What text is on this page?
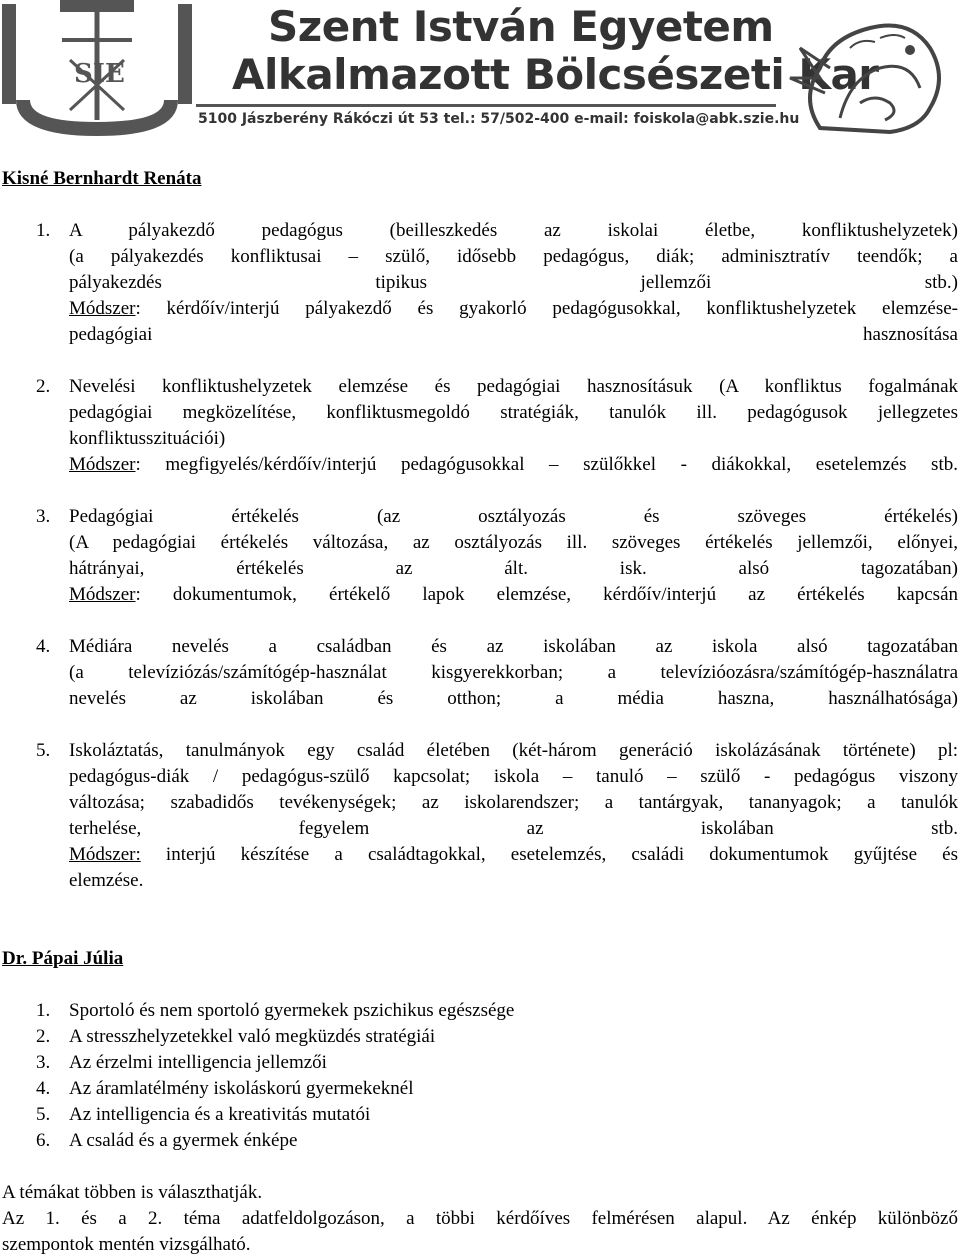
SIE
Szent István Egyetem
Alkalmazott Bölcsészeti Kar
5100 Jászberény Rákóczi út 53 tel.: 57/502-400 e-mail: foiskola@abk.szie.hu

Kisné Bernhardt Renáta

1. A pályakezdő pedagógus (beilleszkedés az iskolai életbe, konfliktushelyzetek)
(a pályakezdés konfliktusai – szülő, idősebb pedagógus, diák; adminisztratív teendők; a
pályakezdés tipikus jellemzői stb.)
Módszer: kérdőív/interjú pályakezdő és gyakorló pedagógusokkal, konfliktushelyzetek elemzése-
pedagógiai hasznosítása
2. Nevelési konfliktushelyzetek elemzése és pedagógiai hasznosításuk (A konfliktus fogalmának
pedagógiai megközelítése, konfliktusmegoldó stratégiák, tanulók ill. pedagógusok jellegzetes
konfliktusszituációi)
Módszer: megfigyelés/kérdőív/interjú pedagógusokkal – szülőkkel - diákokkal, esetelemzés stb.
3. Pedagógiai értékelés (az osztályozás és szöveges értékelés)
(A pedagógiai értékelés változása, az osztályozás ill. szöveges értékelés jellemzői, előnyei,
hátrányai, értékelés az ált. isk. alsó tagozatában)
Módszer: dokumentumok, értékelő lapok elemzése, kérdőív/interjú az értékelés kapcsán
4. Médiára nevelés a családban és az iskolában az iskola alsó tagozatában
(a televíziózás/számítógép-használat kisgyerekkorban; a televízióozásra/számítógép-használatra
nevelés az iskolában és otthon; a média haszna, használhatósága)
5. Iskoláztatás, tanulmányok egy család életében (két-három generáció iskolázásának története) pl:
pedagógus-diák / pedagógus-szülő kapcsolat; iskola – tanuló – szülő - pedagógus viszony
változása; szabadidős tevékenységek; az iskolarendszer; a tantárgyak, tananyagok; a tanulók
terhelése, fegyelem az iskolában stb.
Módszer: interjú készítése a családtagokkal, esetelemzés, családi dokumentumok gyűjtése és
elemzése.

Dr. Pápai Júlia

1. Sportoló és nem sportoló gyermekek pszichikus egészsége
2. A stresszhelyzetekkel való megküzdés stratégiái
3. Az érzelmi intelligencia jellemzői
4. Az áramlatélmény iskoláskorú gyermekeknél
5. Az intelligencia és a kreativitás mutatói
6. A család és a gyermek énképe

A témákat többen is választhatják.

Az 1. és a 2. téma adatfeldolgozáson, a többi kérdőíves felmérésen alapul. Az énkép különböző

szempontok mentén vizsgálható.
